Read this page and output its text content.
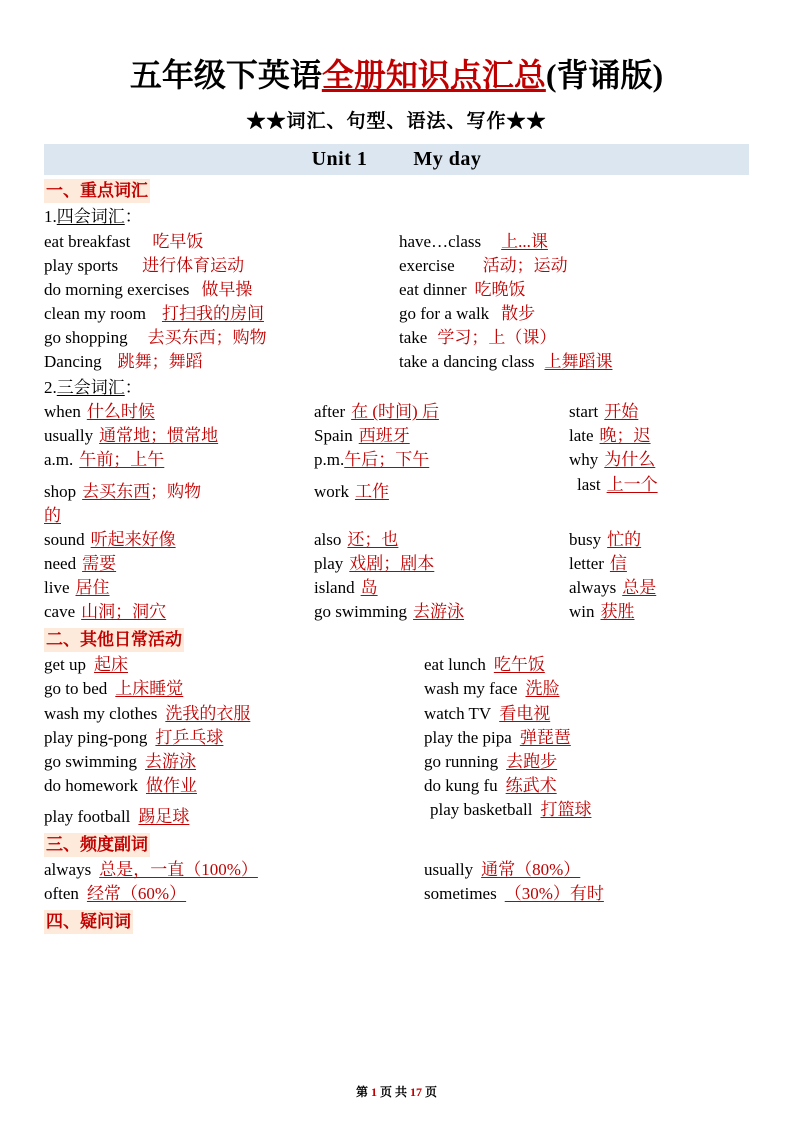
五年级下英语全册知识点汇总(背诵版)
★★词汇、句型、语法、写作★★
Unit 1 My day
一、重点词汇
1.四会词汇：
eat breakfast 吃早饭	have…class 上...课
play sports 进行体育运动	exercise 活动；运动
do morning exercises 做早操	eat dinner 吃晚饭
clean my room 打扫我的房间	go for a walk 散步
go shopping 去买东西；购物	take 学习；上（课）
Dancing 跳舞；舞蹈	take a dancing class 上舞蹈课
2.三会词汇：
when 什么时候	after 在 (时间) 后	start 开始
usually 通常地；惯常地	Spain 西班牙	late 晚；迟
a.m. 午前；上午	p.m. 午后；下午	why 为什么
shop 去买东西 ；购物	work 工作	last 上一个
的
sound 听起来好像	also 还；也	busy 忙的
need 需要	play 戏剧；剧本	letter 信
live 居住	island 岛	always 总是
cave 山洞；洞穴	go swimming 去游泳	win 获胜
二、其他日常活动
get up 起床	eat lunch 吃午饭
go to bed 上床睡觉	wash my face 洗脸
wash my clothes 洗我的衣服	watch TV 看电视
play ping-pong 打乒乓球	play the pipa 弹琵琶
go swimming 去游泳	go running 去跑步
do homework 做作业	do kung fu 练武术
play football 踢足球	play basketball 打篮球
三、频度副词
always 总是，一直（100%）	usually 通常（80%）
often 经常（60%）	sometimes （30%）有时
四、疑问词
第 1 页 共 17 页
